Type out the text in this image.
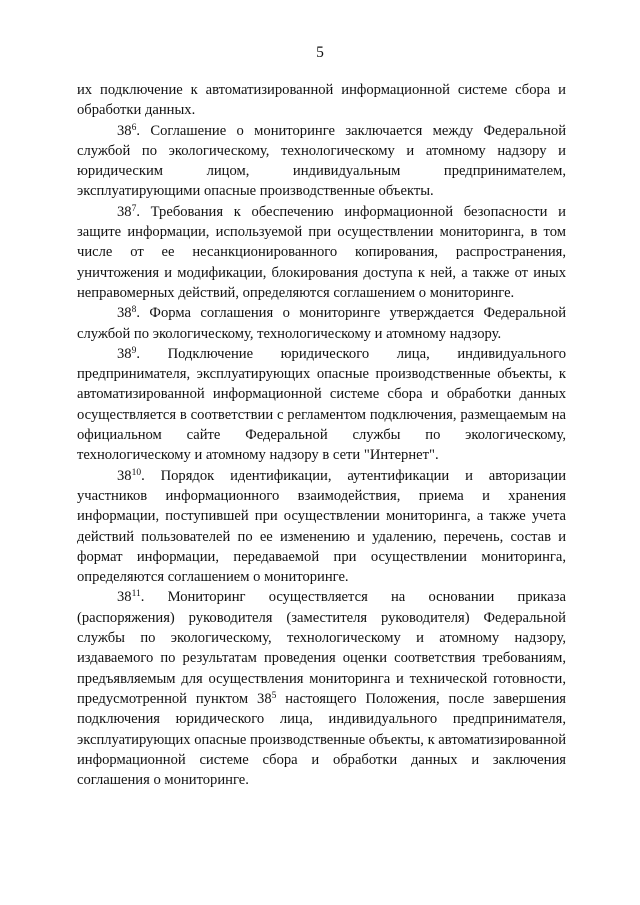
5

их подключение к автоматизированной информационной системе сбора и обработки данных.

$38^6$. Соглашение о мониторинге заключается между Федеральной службой по экологическому, технологическому и атомному надзору и юридическим лицом, индивидуальным предпринимателем, эксплуатирующими опасные производственные объекты.

$38^7$. Требования к обеспечению информационной безопасности и защите информации, используемой при осуществлении мониторинга, в том числе от ее несанкционированного копирования, распространения, уничтожения и модификации, блокирования доступа к ней, а также от иных неправомерных действий, определяются соглашением о мониторинге.

$38^8$. Форма соглашения о мониторинге утверждается Федеральной службой по экологическому, технологическому и атомному надзору.

$38^9$. Подключение юридического лица, индивидуального предпринимателя, эксплуатирующих опасные производственные объекты, к автоматизированной информационной системе сбора и обработки данных осуществляется в соответствии с регламентом подключения, размещаемым на официальном сайте Федеральной службы по экологическому, технологическому и атомному надзору в сети "Интернет".

$38^{10}$. Порядок идентификации, аутентификации и авторизации участников информационного взаимодействия, приема и хранения информации, поступившей при осуществлении мониторинга, а также учета действий пользователей по ее изменению и удалению, перечень, состав и формат информации, передаваемой при осуществлении мониторинга, определяются соглашением о мониторинге.

$38^{11}$. Мониторинг осуществляется на основании приказа (распоряжения) руководителя (заместителя руководителя) Федеральной службы по экологическому, технологическому и атомному надзору, издаваемого по результатам проведения оценки соответствия требованиям, предъявляемым для осуществления мониторинга и технической готовности, предусмотренной пунктом $38^5$ настоящего Положения, после завершения подключения юридического лица, индивидуального предпринимателя, эксплуатирующих опасные производственные объекты, к автоматизированной информационной системе сбора и обработки данных и заключения соглашения о мониторинге.
